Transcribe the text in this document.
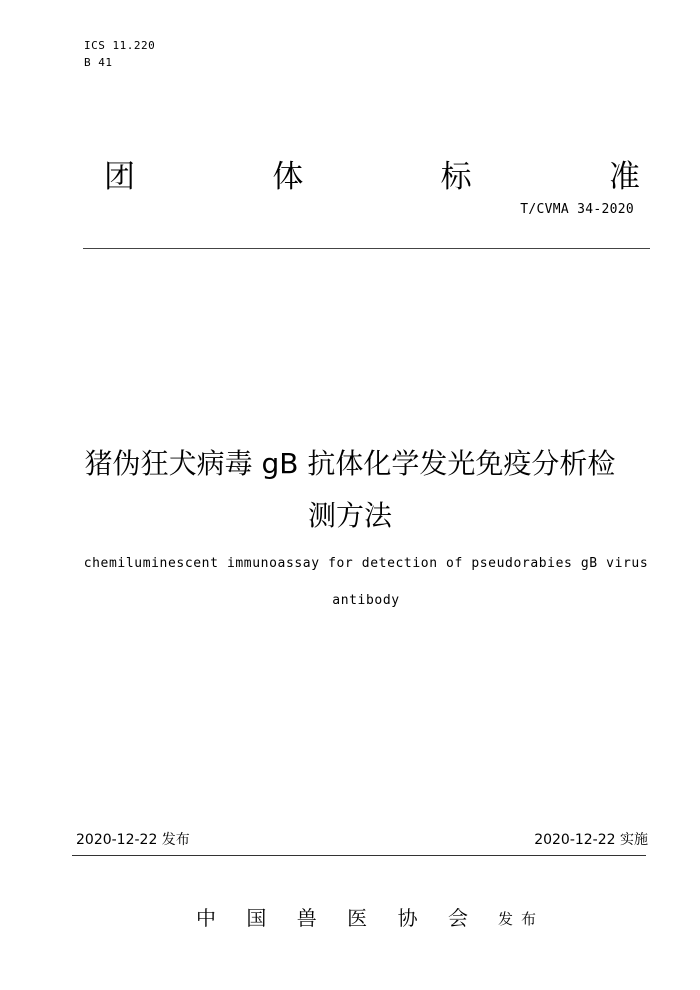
ICS 11.220
B 41
团	体	标	准
T/CVMA 34-2020
猪伪狂犬病毒 gB 抗体化学发光免疫分析检
测方法
chemiluminescent immunoassay for detection of pseudorabies gB virus
antibody
2020-12-22 发布	2020-12-22 实施
中 国 兽 医 协 会 发布
